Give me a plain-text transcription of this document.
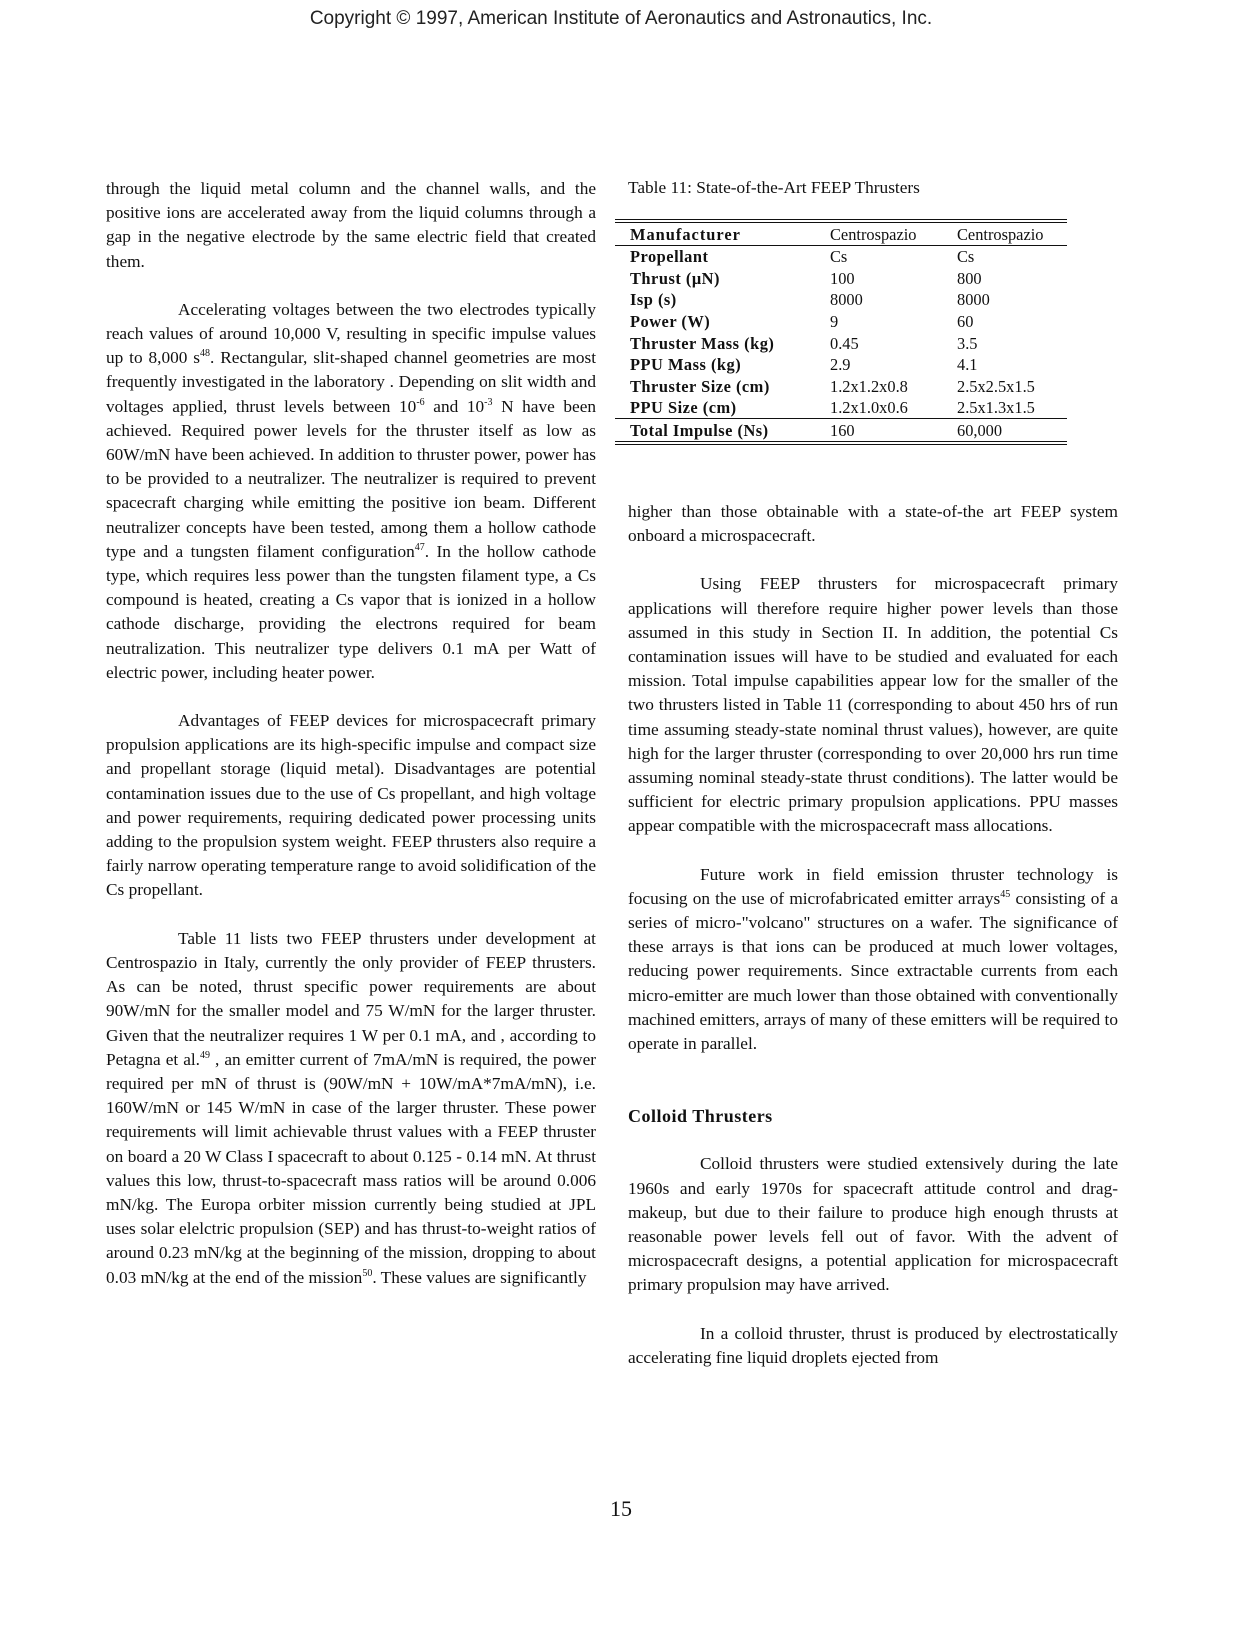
Copyright © 1997, American Institute of Aeronautics and Astronautics, Inc.

through the liquid metal column and the channel walls, and the positive ions are accelerated away from the liquid columns through a gap in the negative electrode by the same electric field that created them.

Accelerating voltages between the two electrodes typically reach values of around 10,000 V, resulting in specific impulse values up to 8,000 $s^{48}$. Rectangular, slit-shaped channel geometries are most frequently investigated in the laboratory . Depending on slit width and voltages applied, thrust levels between $10^{-6}$ and $10^{-3}$ N have been achieved. Required power levels for the thruster itself as low as 60W/mN have been achieved. In addition to thruster power, power has to be provided to a neutralizer. The neutralizer is required to prevent spacecraft charging while emitting the positive ion beam. Different neutralizer concepts have been tested, among them a hollow cathode type and a tungsten filament configuration$^{47}$. In the hollow cathode type, which requires less power than the tungsten filament type, a Cs compound is heated, creating a Cs vapor that is ionized in a hollow cathode discharge, providing the electrons required for beam neutralization. This neutralizer type delivers 0.1 mA per Watt of electric power, including heater power.

Advantages of FEEP devices for microspacecraft primary propulsion applications are its high-specific impulse and compact size and propellant storage (liquid metal). Disadvantages are potential contamination issues due to the use of Cs propellant, and high voltage and power requirements, requiring dedicated power processing units adding to the propulsion system weight. FEEP thrusters also require a fairly narrow operating temperature range to avoid solidification of the Cs propellant.

Table 11 lists two FEEP thrusters under development at Centrospazio in Italy, currently the only provider of FEEP thrusters. As can be noted, thrust specific power requirements are about 90W/mN for the smaller model and 75 W/mN for the larger thruster. Given that the neutralizer requires 1 W per 0.1 mA, and , according to Petagna et al.$^{49}$ , an emitter current of 7mA/mN is required, the power required per mN of thrust is (90W/mN + 10W/mA*7mA/mN), i.e. 160W/mN or 145 W/mN in case of the larger thruster. These power requirements will limit achievable thrust values with a FEEP thruster on board a 20 W Class I spacecraft to about 0.125 - 0.14 mN. At thrust values this low, thrust-to-spacecraft mass ratios will be around 0.006 mN/kg. The Europa orbiter mission currently being studied at JPL uses solar elelctric propulsion (SEP) and has thrust-to-weight ratios of around 0.23 mN/kg at the beginning of the mission, dropping to about 0.03 mN/kg at the end of the mission$^{50}$. These values are significantly

Table 11: State-of-the-Art FEEP Thrusters
Manufacturer	Centrospazio	Centrospazio
Propellant	Cs	Cs
Thrust (μN)	100	800
Isp (s)	8000	8000
Power (W)	9	60
Thruster Mass (kg)	0.45	3.5
PPU Mass (kg)	2.9	4.1
Thruster Size (cm)	1.2x1.2x0.8	2.5x2.5x1.5
PPU Size (cm)	1.2x1.0x0.6	2.5x1.3x1.5
Total Impulse (Ns)	160	60,000

higher than those obtainable with a state-of-the art FEEP system onboard a microspacecraft.

Using FEEP thrusters for microspacecraft primary applications will therefore require higher power levels than those assumed in this study in Section II. In addition, the potential Cs contamination issues will have to be studied and evaluated for each mission. Total impulse capabilities appear low for the smaller of the two thrusters listed in Table 11 (corresponding to about 450 hrs of run time assuming steady-state nominal thrust values), however, are quite high for the larger thruster (corresponding to over 20,000 hrs run time assuming nominal steady-state thrust conditions). The latter would be sufficient for electric primary propulsion applications. PPU masses appear compatible with the microspacecraft mass allocations.

Future work in field emission thruster technology is focusing on the use of microfabricated emitter arrays$^{45}$ consisting of a series of micro-"volcano" structures on a wafer. The significance of these arrays is that ions can be produced at much lower voltages, reducing power requirements. Since extractable currents from each micro-emitter are much lower than those obtained with conventionally machined emitters, arrays of many of these emitters will be required to operate in parallel.

Colloid Thrusters

Colloid thrusters were studied extensively during the late 1960s and early 1970s for spacecraft attitude control and drag-makeup, but due to their failure to produce high enough thrusts at reasonable power levels fell out of favor. With the advent of microspacecraft designs, a potential application for microspacecraft primary propulsion may have arrived.

In a colloid thruster, thrust is produced by electrostatically accelerating fine liquid droplets ejected from

15
